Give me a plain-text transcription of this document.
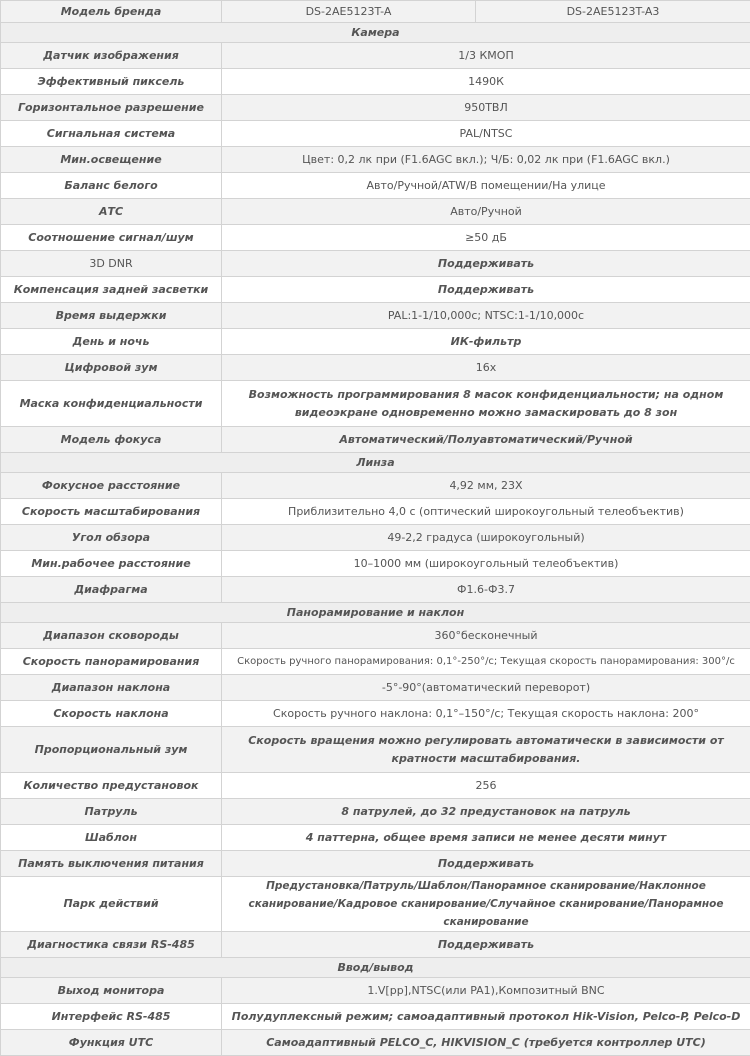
Модель бренда	DS-2AE5123T-A	DS-2AE5123T-A3
Камера		
Датчик изображения	1/3 КМОП	
Эффективный пиксель	1490К	
Горизонтальное разрешение	950ТВЛ	
Сигнальная система	PAL/NTSC	
Мин.освещение	Цвет: 0,2 лк при (F1.6AGC вкл.); Ч/Б: 0,02 лк при (F1.6AGC вкл.)	
Баланс белого	Авто/Ручной/ATW/В помещении/На улице	
АТС	Авто/Ручной	
Соотношение сигнал/шум	≥50 дБ	
3D DNR	Поддерживать	
Компенсация задней засветки	Поддерживать	
Время выдержки	PAL:1-1/10,000с; NTSC:1-1/10,000с	
День и ночь	ИК-фильтр	
Цифровой зум	16x	
Маска конфиденциальности	Возможность программирования 8 масок конфиденциальности; на одном видеоэкране одновременно можно замаскировать до 8 зон	
Модель фокуса	Автоматический/Полуавтоматический/Ручной	
Линза		
Фокусное расстояние	4,92 мм, 23X	
Скорость масштабирования	Приблизительно 4,0 с (оптический широкоугольный телеобъектив)	
Угол обзора	49-2,2 градуса (широкоугольный)	
Мин.рабочее расстояние	10–1000 мм (широкоугольный телеобъектив)	
Диафрагма	Ф1.6-Ф3.7	
Панорамирование и наклон		
Диапазон сковороды	360°бесконечный	
Скорость панорамирования	Скорость ручного панорамирования: 0,1°-250°/с; Текущая скорость панорамирования: 300°/с	
Диапазон наклона	-5°-90°(автоматический переворот)	
Скорость наклона	Скорость ручного наклона: 0,1°–150°/с; Текущая скорость наклона: 200°	
Пропорциональный зум	Скорость вращения можно регулировать автоматически в зависимости от кратности масштабирования.	
Количество предустановок	256	
Патруль	8 патрулей, до 32 предустановок на патруль	
Шаблон	4 паттерна, общее время записи не менее десяти минут	
Память выключения питания	Поддерживать	
Парк действий	Предустановка/Патруль/Шаблон/Панорамное сканирование/Наклонное сканирование/Кадровое сканирование/Случайное сканирование/Панорамное сканирование	
Диагностика связи RS-485	Поддерживать	
Ввод/вывод		
Выход монитора	1.V[pp],NTSC(или PA1),Композитный BNC	
Интерфейс RS-485	Полудуплексный режим; самоадаптивный протокол Hik-Vision, Pelco-P, Pelco-D	
Функция UTC	Самоадаптивный PELCO_C, HIKVISION_C (требуется контроллер UTC)	
